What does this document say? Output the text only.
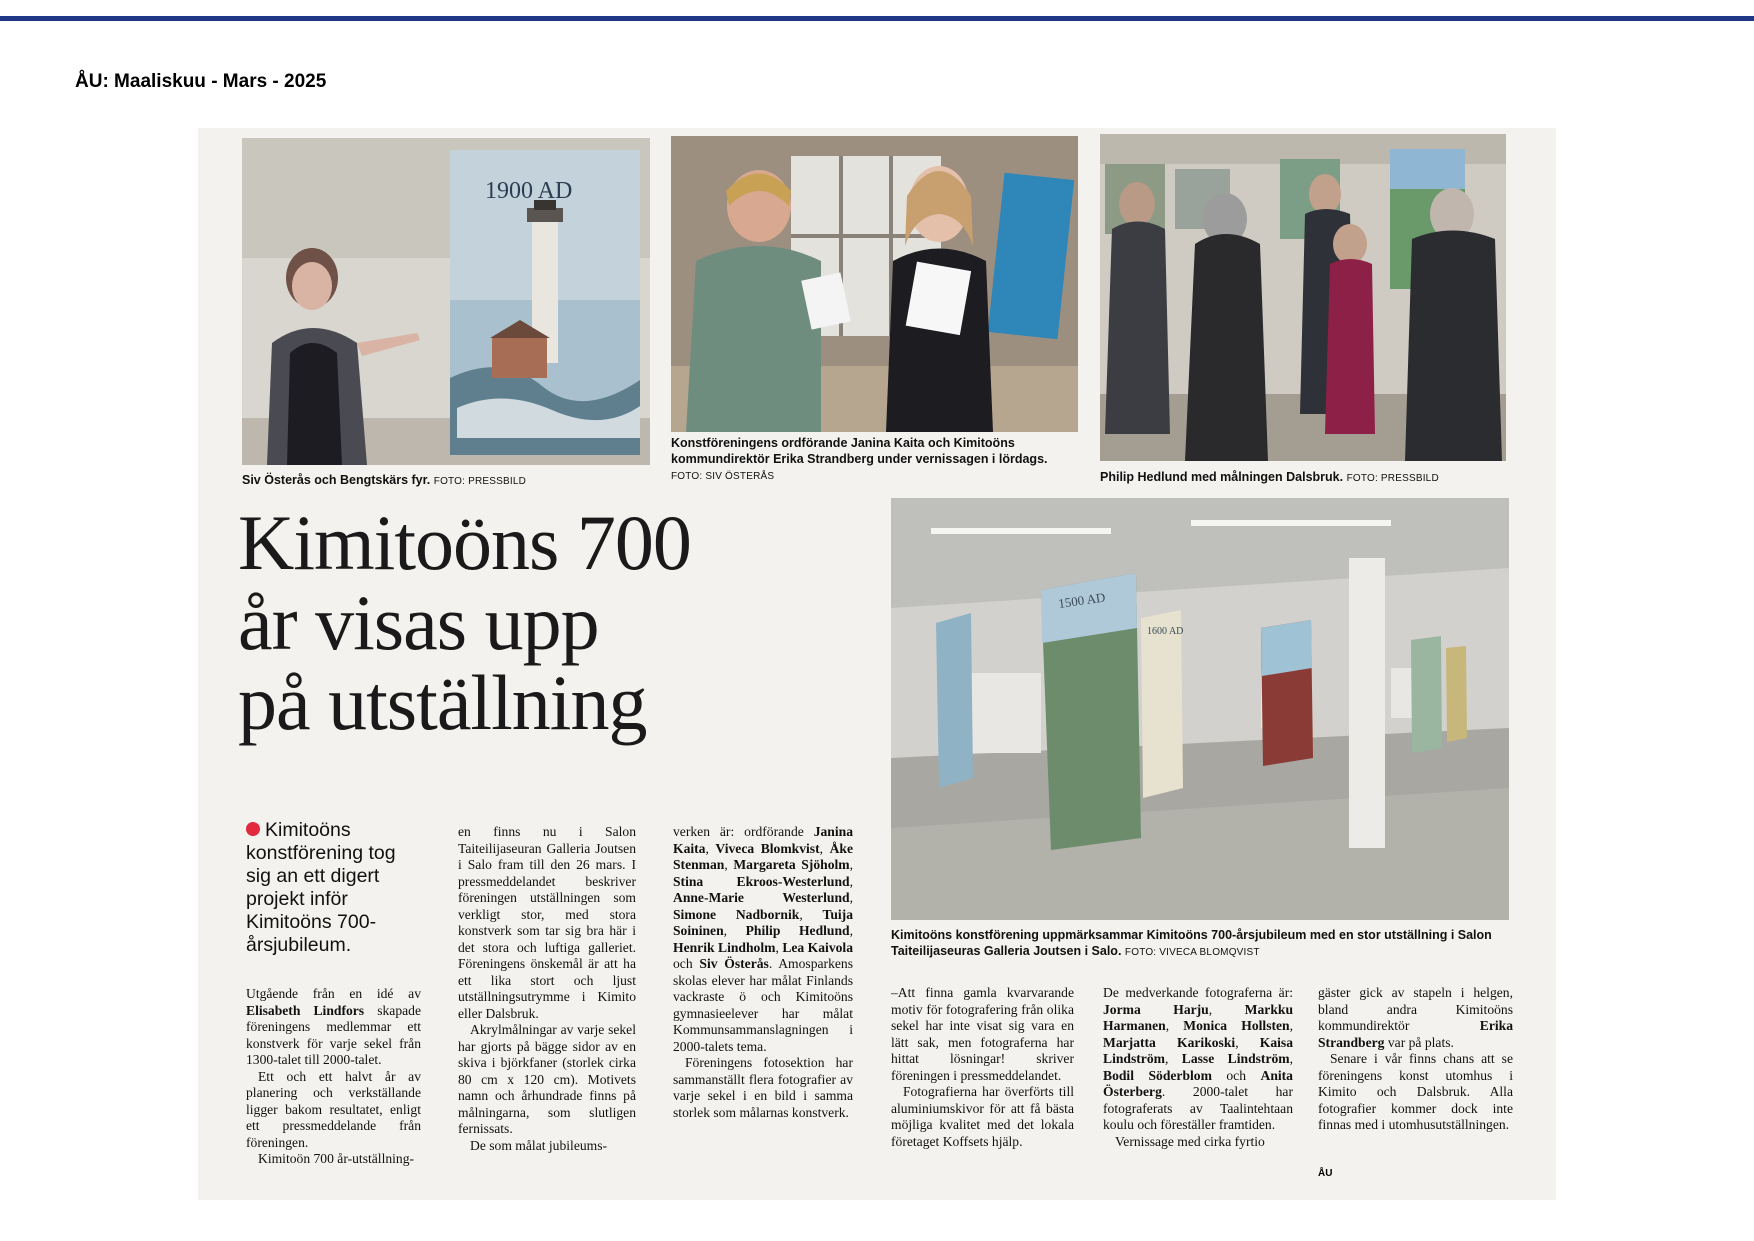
ÅU: Maaliskuu - Mars - 2025
1900 AD
Siv Österås och Bengtskärs fyr. FOTO: PRESSBILD
Konstföreningens ordförande Janina Kaita och Kimitoöns kommundirektör Erika Strandberg under vernissagen i lördags. FOTO: SIV ÖSTERÅS	Philip Hedlund med målningen Dalsbruk. FOTO: PRESSBILD
Kimitoöns 700
år visas upp
på utställning
1500 AD
1600 AD
Kimitoöns konstförening uppmärksammar Kimitoöns 700-årsjubileum med en stor utställning i Salon Taiteilijaseuras Galleria Joutsen i Salo. FOTO: VIVECA BLOMQVIST
Kimitoöns konstförening tog sig an ett digert projekt inför Kimitoöns 700-årsjubileum.

Utgående från en idé av Elisabeth Lindfors skapade föreningens medlemmar ett konstverk för varje sekel från 1300-talet till 2000-talet.

Ett och ett halvt år av planering och verkställande ligger bakom resultatet, enligt ett pressmeddelande från föreningen.

Kimitoön 700 år-utställning-

en finns nu i Salon Taiteilijaseuran Galleria Joutsen i Salo fram till den 26 mars. I pressmeddelandet beskriver föreningen utställningen som verkligt stor, med stora konstverk som tar sig bra här i det stora och luftiga galleriet. Föreningens önskemål är att ha ett lika stort och ljust utställningsutrymme i Kimito eller Dalsbruk.

Akrylmålningar av varje sekel har gjorts på bägge sidor av en skiva i björkfaner (storlek cirka 80 cm x 120 cm). Motivets namn och århundrade finns på målningarna, som slutligen fernissats.

De som målat jubileums-

verken är: ordförande Janina Kaita, Viveca Blomkvist, Åke Stenman, Margareta Sjöholm, Stina Ekroos-Westerlund, Anne-Marie Westerlund, Simone Nadbornik, Tuija Soininen, Philip Hedlund, Henrik Lindholm, Lea Kaivola och Siv Österås. Amosparkens skolas elever har målat Finlands vackraste ö och Kimitoöns gymnasieelever har målat Kommunsammanslagningen i 2000-talets tema.

Föreningens fotosektion har sammanställt flera fotografier av varje sekel i en bild i samma storlek som målarnas konstverk.

–Att finna gamla kvarvarande motiv för fotografering från olika sekel har inte visat sig vara en lätt sak, men fotograferna har hittat lösningar! skriver föreningen i pressmeddelandet.

Fotografierna har överförts till aluminiumskivor för att få bästa möjliga kvalitet med det lokala företaget Koffsets hjälp.

De medverkande fotograferna är: Jorma Harju, Markku Harmanen, Monica Hollsten, Marjatta Karikoski, Kaisa Lindström, Lasse Lindström, Bodil Söderblom och Anita Österberg. 2000-talet har fotograferats av Taalintehtaan koulu och föreställer framtiden.

Vernissage med cirka fyrtio

gäster gick av stapeln i helgen, bland andra Kimitoöns kommundirektör Erika Strandberg var på plats.

Senare i vår finns chans att se föreningens konst utomhus i Kimito och Dalsbruk. Alla fotografier kommer dock inte finnas med i utomhusutställningen.

ÅU
